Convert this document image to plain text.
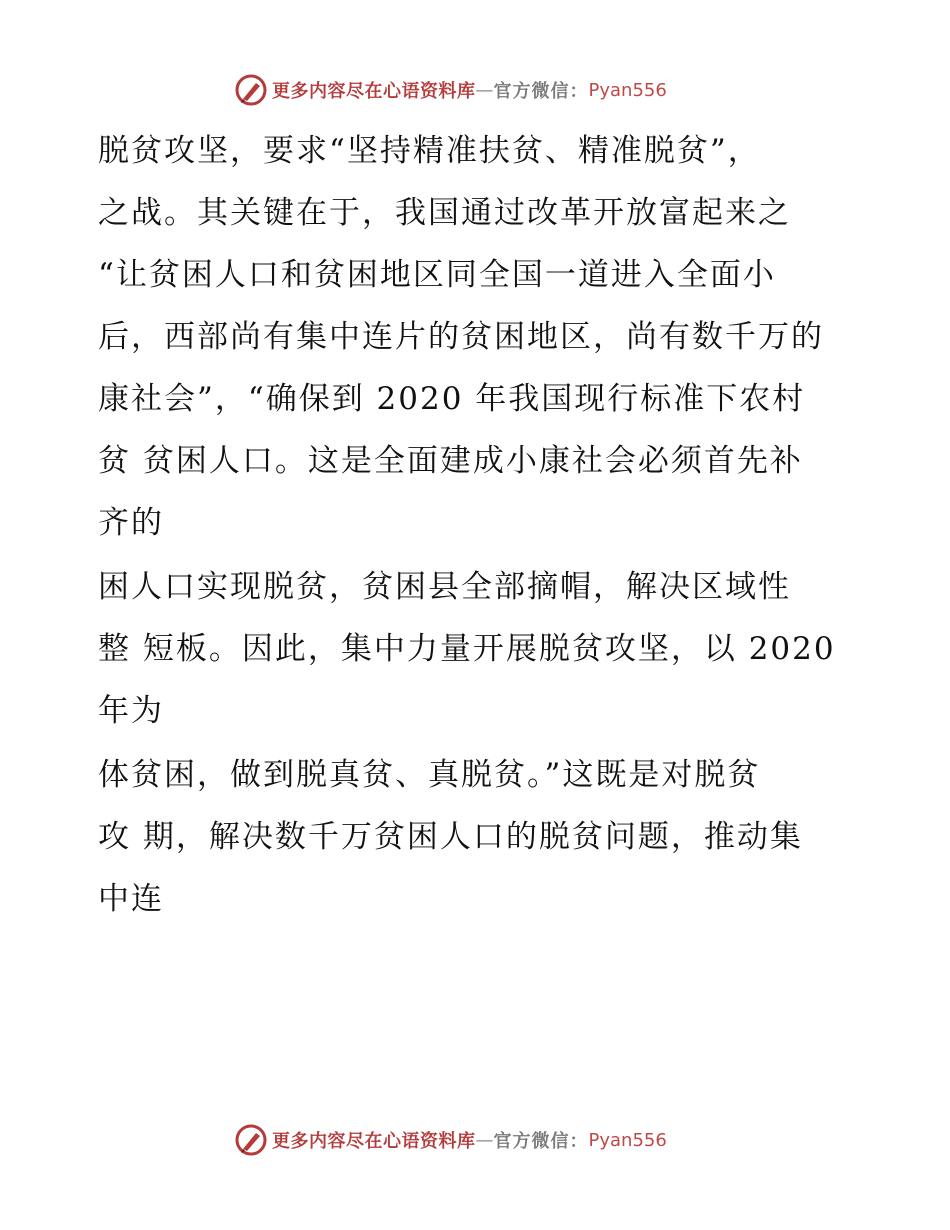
更多内容尽在心语资料库 — 官方微信： Pyan556
脱贫攻坚，要求“坚持精准扶贫、精准脱贫”，
之战。其关键在于，我国通过改革开放富起来之
“让贫困人口和贫困地区同全国一道进入全面小
后，西部尚有集中连片的贫困地区，尚有数千万的
康社会”，“确保到 2020 年我国现行标准下农村
贫 贫困人口。这是全面建成小康社会必须首先补
齐的
困人口实现脱贫，贫困县全部摘帽，解决区域性
整 短板。因此，集中力量开展脱贫攻坚，以 2020
年为
体贫困，做到脱真贫、真脱贫。”这既是对脱贫
攻 期，解决数千万贫困人口的脱贫问题，推动集
中连
更多内容尽在心语资料库 — 官方微信： Pyan556
